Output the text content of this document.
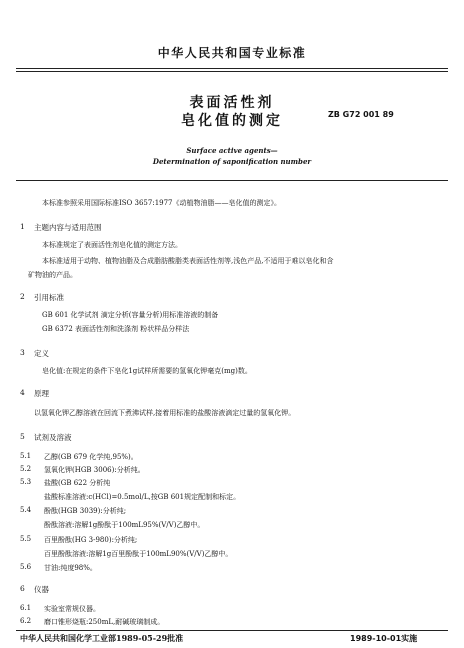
中华人民共和国专业标准
表面活性剂
皂化值的测定	ZB G72 001 89
Surface active agents—
Determination of saponification number
本标准参照采用国际标准ISO 3657:1977《动植物油脂——皂化值的测定》。
1 主题内容与适用范围
本标准规定了表面活性剂皂化值的测定方法。
本标准适用于动物、植物油脂及合成脂肪酸脂类表面活性剂等,浅色产品,不适用于难以皂化和含
矿物油的产品。
2 引用标准
GB 601 化学试剂 滴定分析(容量分析)用标准溶液的制备
GB 6372 表面活性剂和洗涤剂 粉状样品分样法
3 定义
皂化值:在规定的条件下皂化1g试样所需要的氢氧化钾毫克(mg)数。
4 原理
以氢氧化钾乙醇溶液在回流下煮沸试样,接着用标准的盐酸溶液滴定过量的氢氧化钾。
5 试剂及溶液
5.1 乙醇(GB 679 化学纯,95%)。
5.2 氢氧化钾(HGB 3006):分析纯。
5.3 盐酸(GB 622 分析纯
盐酸标准溶液:c(HCl)=0.5mol/L,按GB 601规定配制和标定。
5.4 酚酞(HGB 3039):分析纯;
酚酞溶液:溶解1g酚酞于100mL95%(V/V)乙醇中。
5.5 百里酚酞(HG 3-980):分析纯;
百里酚酞溶液:溶解1g百里酚酞于100mL90%(V/V)乙醇中。
5.6 甘油:纯度98%。
6 仪器
6.1 实验室常规仪器。
6.2 磨口锥形烧瓶:250mL,耐碱玻璃制成。
中华人民共和国化学工业部1989-05-29批准	1989-10-01实施
